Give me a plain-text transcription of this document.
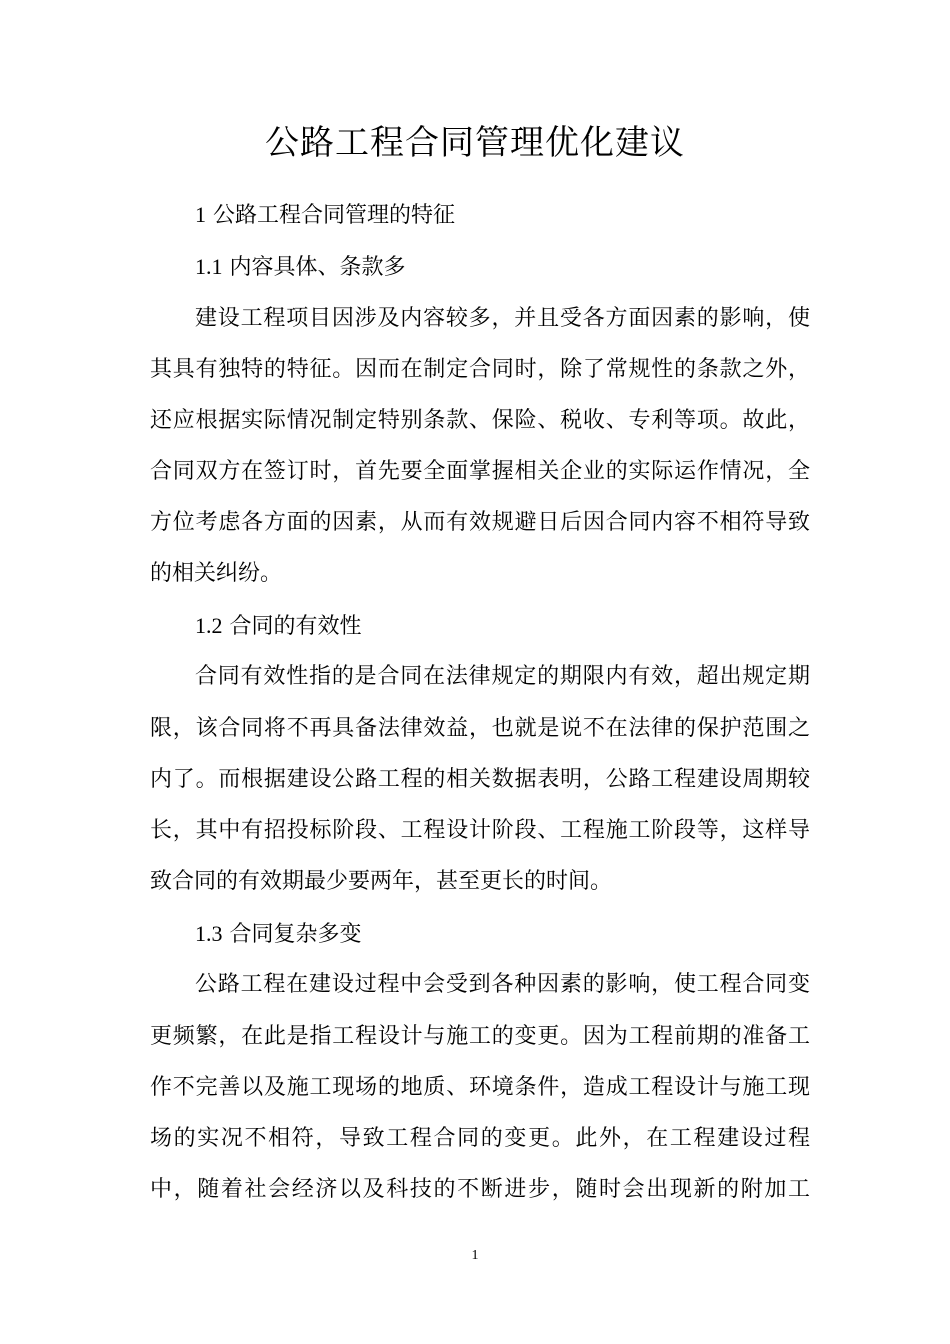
公路工程合同管理优化建议
1 公路工程合同管理的特征
1.1 内容具体、条款多
建设工程项目因涉及内容较多，并且受各方面因素的影响，使
其具有独特的特征。因而在制定合同时，除了常规性的条款之外，
还应根据实际情况制定特别条款、保险、税收、专利等项。故此，
合同双方在签订时，首先要全面掌握相关企业的实际运作情况，全
方位考虑各方面的因素，从而有效规避日后因合同内容不相符导致
的相关纠纷。
1.2 合同的有效性
合同有效性指的是合同在法律规定的期限内有效，超出规定期
限，该合同将不再具备法律效益，也就是说不在法律的保护范围之
内了。而根据建设公路工程的相关数据表明，公路工程建设周期较
长，其中有招投标阶段、工程设计阶段、工程施工阶段等，这样导
致合同的有效期最少要两年，甚至更长的时间。
1.3 合同复杂多变
公路工程在建设过程中会受到各种因素的影响，使工程合同变
更频繁，在此是指工程设计与施工的变更。因为工程前期的准备工
作不完善以及施工现场的地质、环境条件，造成工程设计与施工现
场的实况不相符，导致工程合同的变更。此外，在工程建设过程
中，随着社会经济以及科技的不断进步，随时会出现新的附加工
1
